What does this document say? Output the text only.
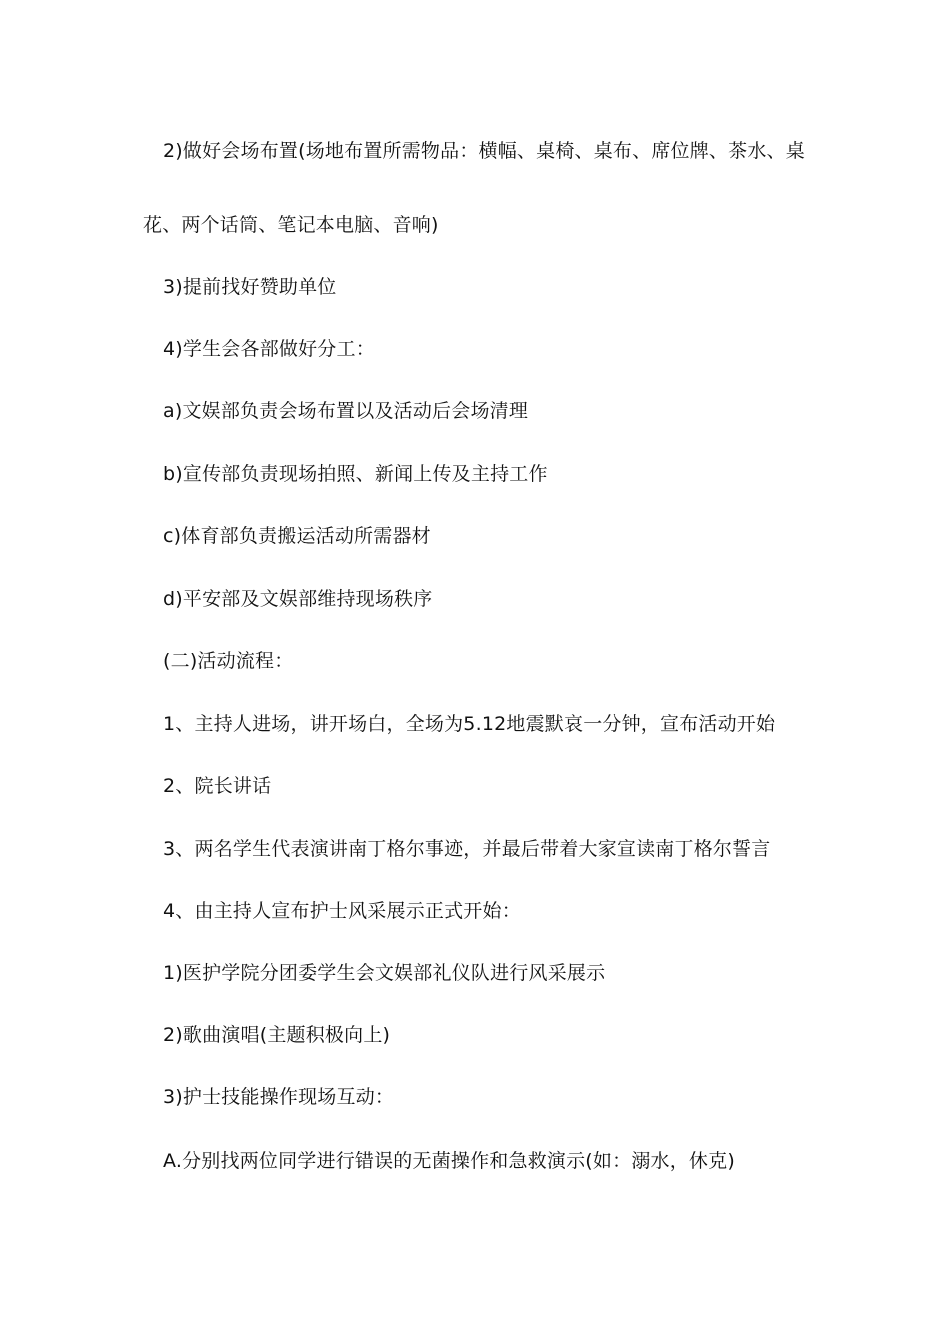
2)做好会场布置(场地布置所需物品：横幅、桌椅、桌布、席位牌、茶水、桌
花、两个话筒、笔记本电脑、音响)
3)提前找好赞助单位
4)学生会各部做好分工：
a)文娱部负责会场布置以及活动后会场清理
b)宣传部负责现场拍照、新闻上传及主持工作
c)体育部负责搬运活动所需器材
d)平安部及文娱部维持现场秩序
(二)活动流程：
1、主持人进场，讲开场白，全场为5.12地震默哀一分钟，宣布活动开始
2、院长讲话
3、两名学生代表演讲南丁格尔事迹，并最后带着大家宣读南丁格尔誓言
4、由主持人宣布护士风采展示正式开始：
1)医护学院分团委学生会文娱部礼仪队进行风采展示
2)歌曲演唱(主题积极向上)
3)护士技能操作现场互动：
A.分别找两位同学进行错误的无菌操作和急救演示(如：溺水，休克)
